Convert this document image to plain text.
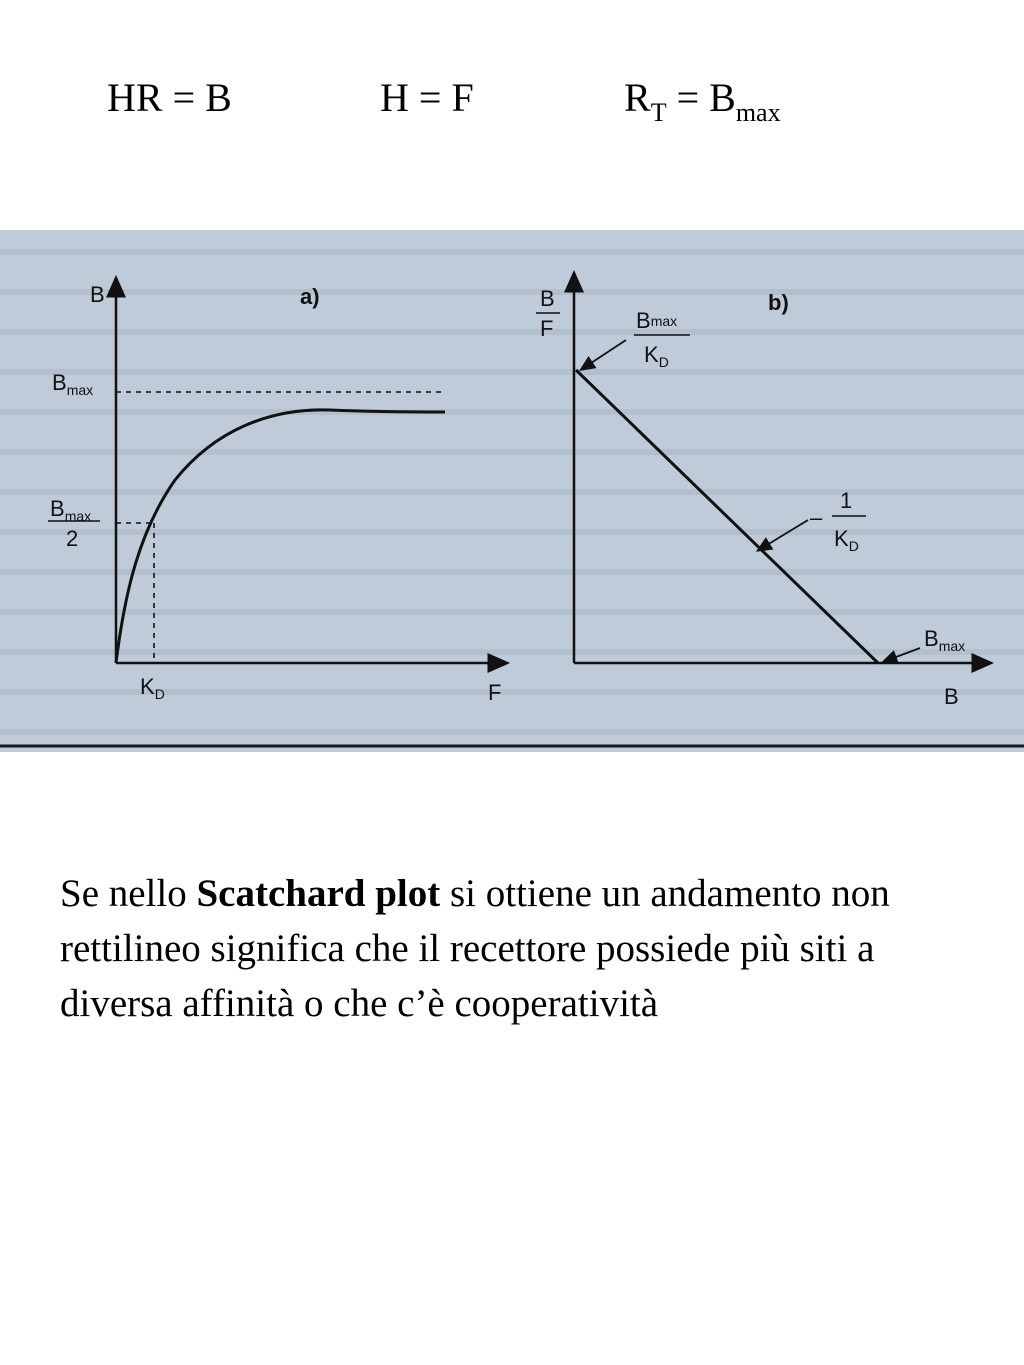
HR = B	H = F	$R_T = B_{max}$
B	a)
F
$B_{max}$
$B_{max}$
2
$K_D$
B
F
b)
Bmax
$K_D$
–
1
$K_D$
$B_{max}$
B
Se nello Scatchard plot si ottiene un andamento non rettilineo significa che il recettore possiede più siti a diversa affinità o che c’è cooperatività
